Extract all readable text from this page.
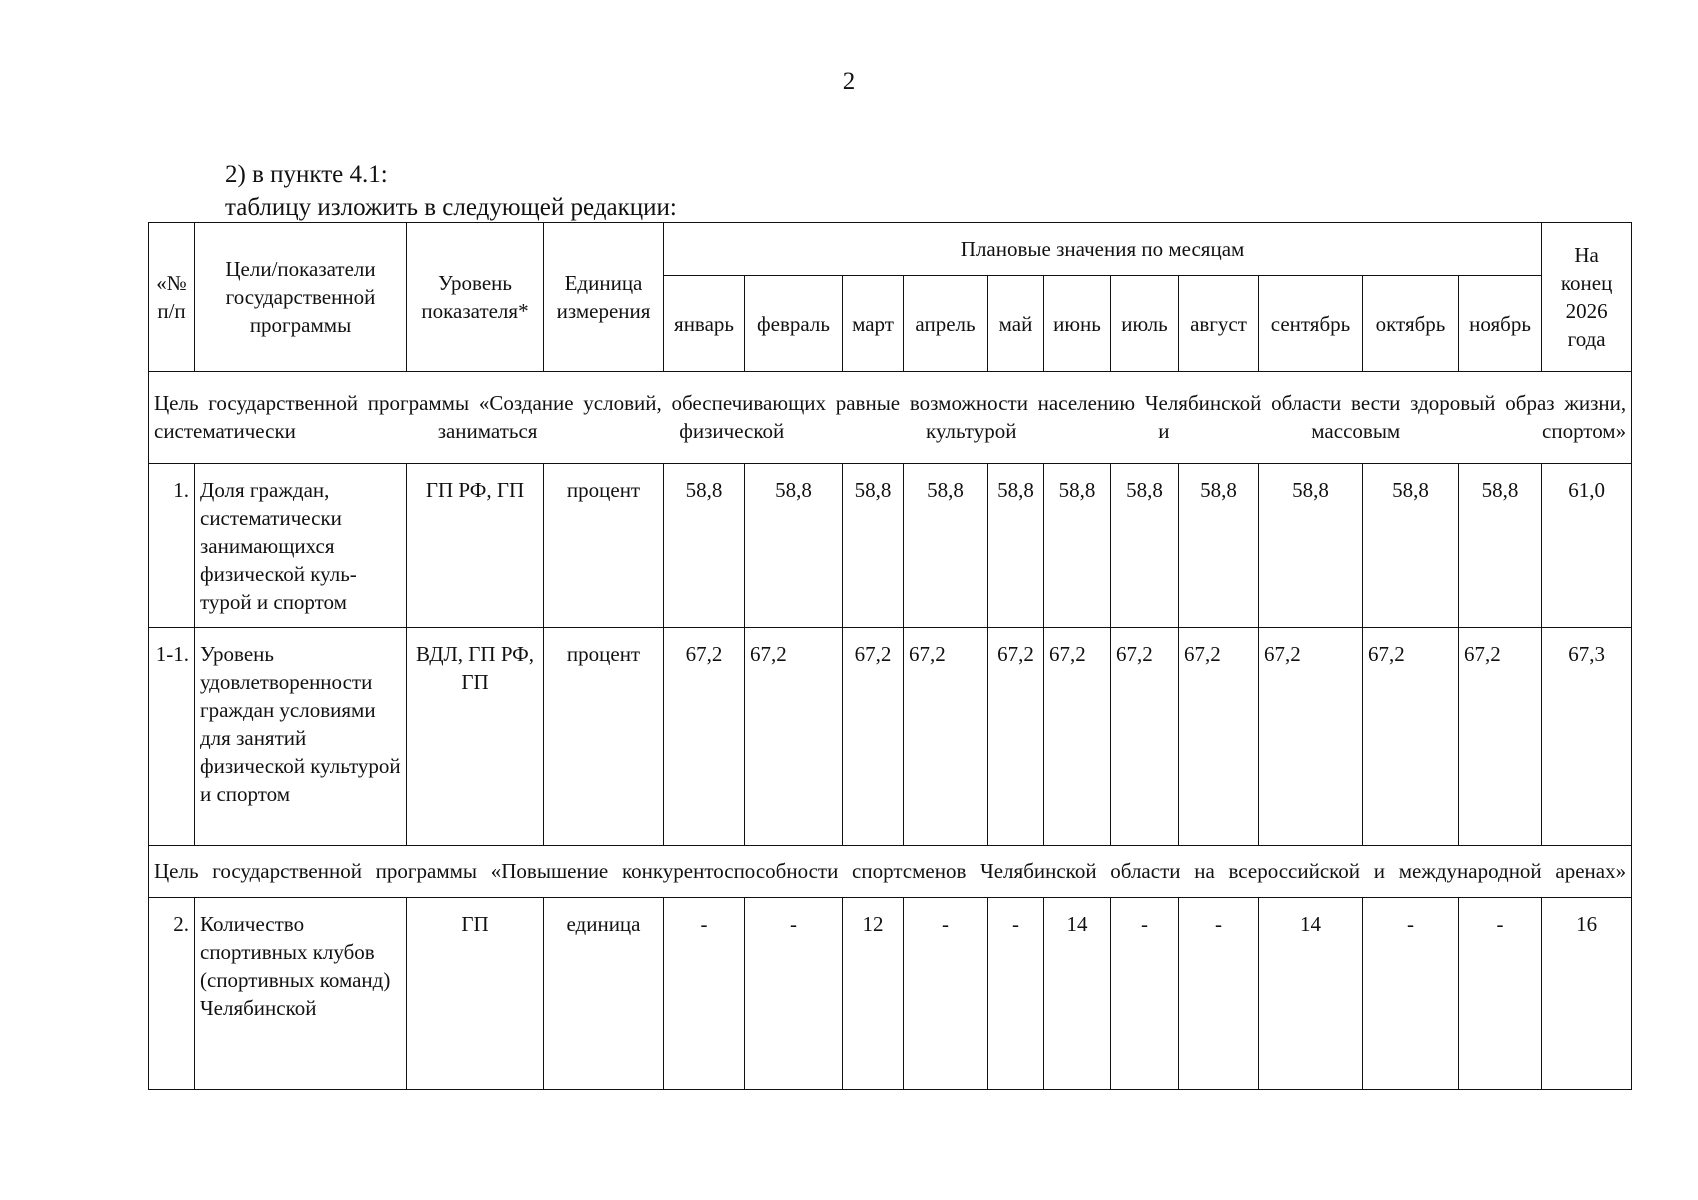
2
2) в пункте 4.1:
таблицу изложить в следующей редакции:
«№ п/п	Цели/показатели государственной программы	Уровень показателя*	Единица измерения	Плановые значения по месяцам											На конец 2026 года
				январь	февраль	март	апрель	май	июнь	июль	август	сентябрь	октябрь	ноябрь	
Цель государственной программы «Создание условий, обеспечивающих равные возможности населению Челябинской области вести здоровый образ жизни, систематически заниматься физической культурой и массовым спортом»															
1.	Доля граждан, систематически занимающихся физической куль-турой и спортом	ГП РФ, ГП	процент	58,8	58,8	58,8	58,8	58,8	58,8	58,8	58,8	58,8	58,8	58,8	61,0
1-1.	Уровень удовлетворенности граждан условиями для занятий физической культурой и спортом	ВДЛ, ГП РФ, ГП	процент	67,2	67,2	67,2	67,2	67,2	67,2	67,2	67,2	67,2	67,2	67,2	67,3
Цель государственной программы «Повышение конкурентоспособности спортсменов Челябинской области на всероссийской и международной аренах»															
2.	Количество спортивных клубов (спортивных команд) Челябинской	ГП	единица	-	-	12	-	-	14	-	-	14	-	-	16
